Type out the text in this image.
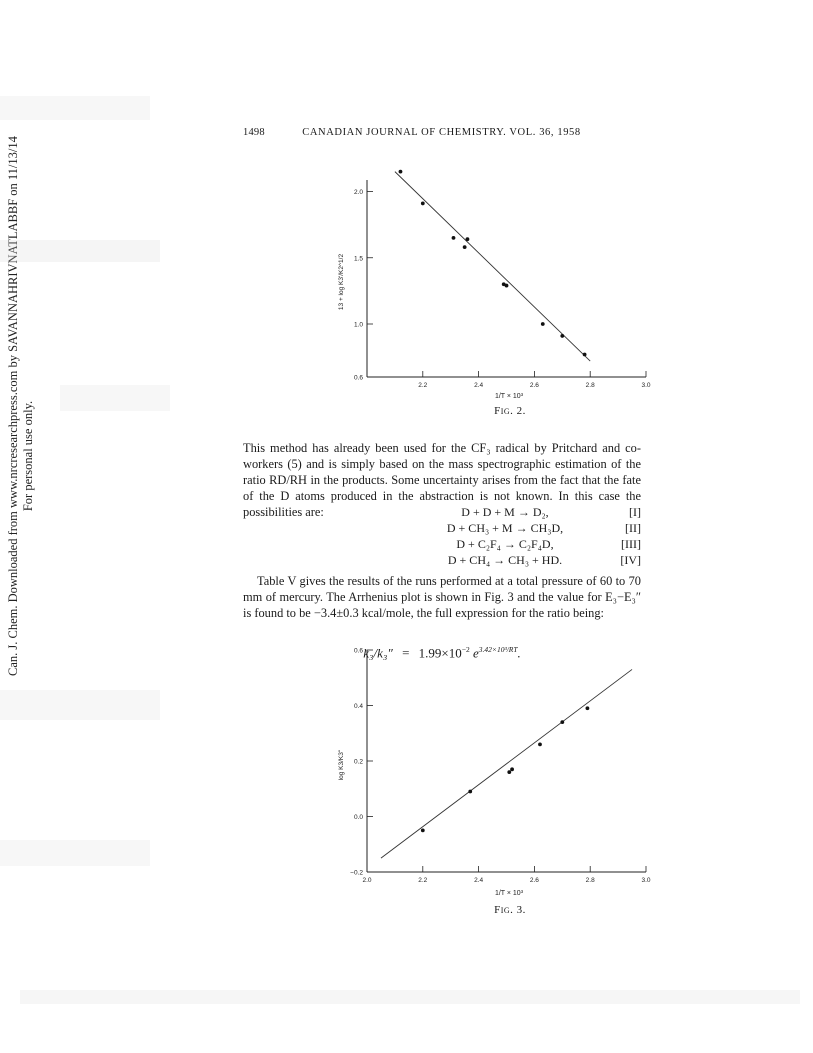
Can. J. Chem. Downloaded from www.nrcresearchpress.com by SAVANNAHRIVNATLABBF on 11/13/14 For personal use only.
1498	CANADIAN JOURNAL OF CHEMISTRY. VOL. 36, 1958
2.2	2.4	2.6	2.8	3.0
2.0
1.5
1.0
0.6
1/T × 10³
13 + log K3'/K2^1/2
Fig. 2.
This method has already been used for the CF₃ radical by Pritchard and co-workers (5) and is simply based on the mass spectrographic estimation of the ratio RD/RH in the products. Some uncertainty arises from the fact that the fate of the D atoms produced in the abstraction is not known. In this case the possibilities are:	D + D + M → D₂,	[I]
D + CH₃ + M → CH₃D,	[II]
D + C₂F₄ → C₂F₄D,	[III]
D + CH₄ → CH₃ + HD.	[IV]
Table V gives the results of the runs performed at a total pressure of 60 to 70 mm of mercury. The Arrhenius plot is shown in Fig. 3 and the value for E₃−E₃″ is found to be −3.4±0.3 kcal/mole, the full expression for the ratio being:
$k_3/k_3'' = 1.99\times 10^{-2}$ $e^{3.42\times 10^3/RT}$.
2.0	2.2	2.4	2.6	2.8	3.0
0.6
0.4
0.2
0.0
−0.2
1/T × 10³
log K3/K3''
Fig. 3.
